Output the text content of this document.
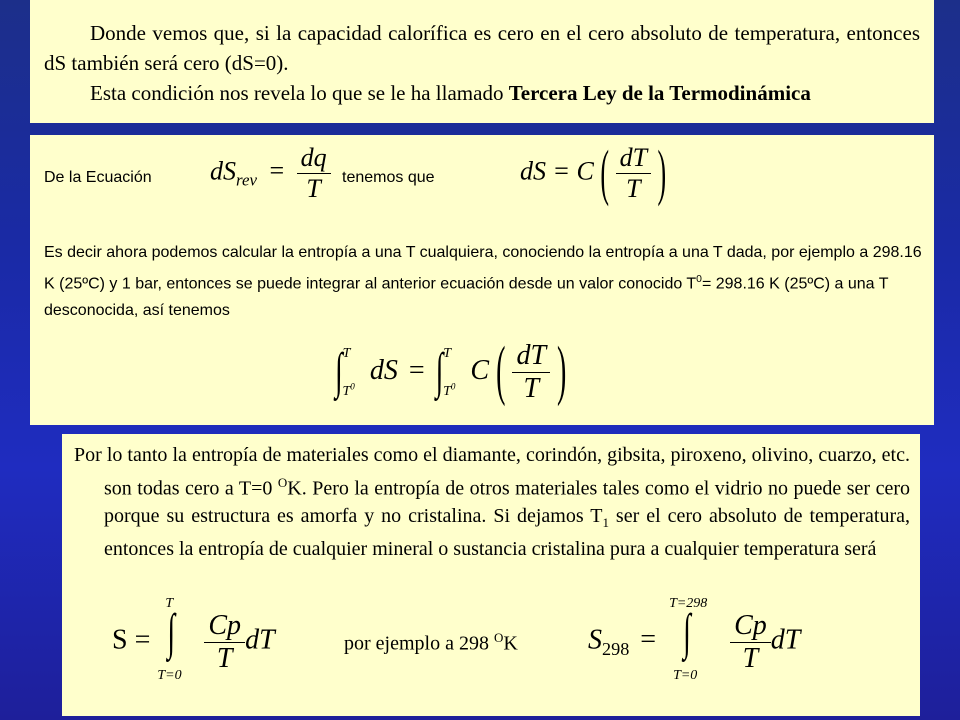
Donde vemos que, si la capacidad calorífica es cero en el cero absoluto de temperatura, entonces dS también será cero (dS=0).

Esta condición nos revela lo que se le ha llamado Tercera Ley de la Termodinámica

De la Ecuación $dS_{rev} = \frac{dq}{T}$ tenemos que	dS = C ( $\frac{dT}{T}$ )
Es decir ahora podemos calcular la entropía a una T cualquiera, conociendo la entropía a una T dada, por ejemplo a 298.16 K (25ºC) y 1 bar, entonces se puede integrar al anterior ecuación desde un valor conocido $T^0= 298.16$ K (25ºC) a una T desconocida, así tenemos
∫$^T_{T^0}$ dS = ∫$^T_{T^0}$ C ( $\frac{dT}{T}$ )
Por lo tanto la entropía de materiales como el diamante, corindón, gibsita, piroxeno, olivino, cuarzo, etc. son todas cero a T=0 $^O$K. Pero la entropía de otros materiales tales como el vidrio no puede ser cero porque su estructura es amorfa y no cristalina. Si dejamos $T_1$ ser el cero absoluto de temperatura, entonces la entropía de cualquier mineral o sustancia cristalina pura a cualquier temperatura será
S =
T
∫
T=0

$\frac{Cp}{T}$ dT	por ejemplo a 298 $^O$K	$S_{298}$ =
T=298
∫
T=0

$\frac{Cp}{T}$ dT
